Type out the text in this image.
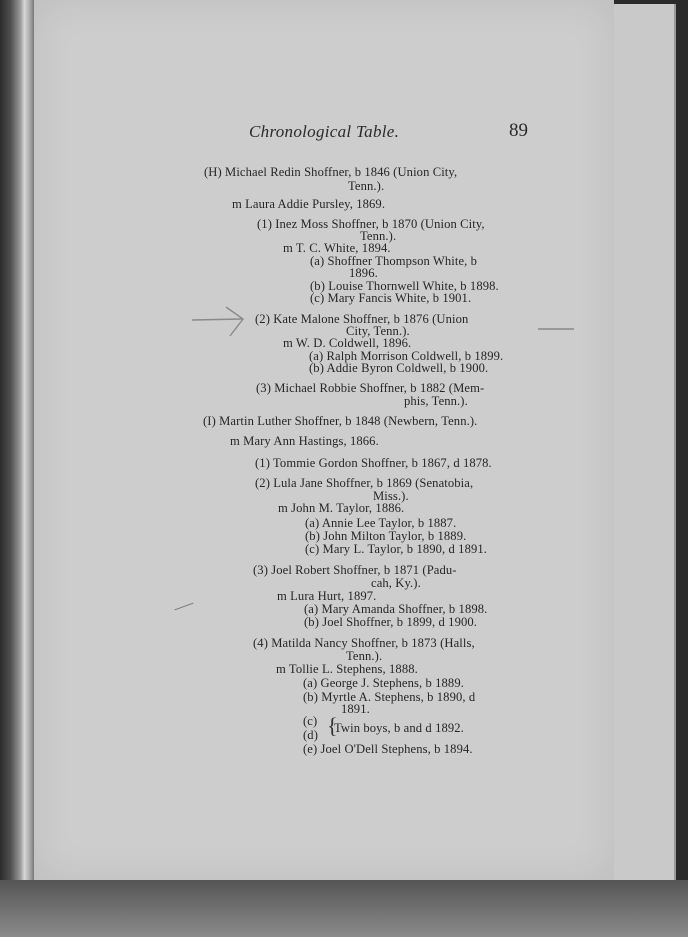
Chronological Table.	89
(H) Michael Redin Shoffner, b 1846 (Union City,
Tenn.).
m Laura Addie Pursley, 1869.
(1) Inez Moss Shoffner, b 1870 (Union City,
Tenn.).
m T. C. White, 1894.
(a) Shoffner Thompson White, b
1896.
(b) Louise Thornwell White, b 1898.
(c) Mary Fancis White, b 1901.
(2) Kate Malone Shoffner, b 1876 (Union
City, Tenn.).
m W. D. Coldwell, 1896.
(a) Ralph Morrison Coldwell, b 1899.
(b) Addie Byron Coldwell, b 1900.
(3) Michael Robbie Shoffner, b 1882 (Mem-
phis, Tenn.).
(I) Martin Luther Shoffner, b 1848 (Newbern, Tenn.).
m Mary Ann Hastings, 1866.
(1) Tommie Gordon Shoffner, b 1867, d 1878.
(2) Lula Jane Shoffner, b 1869 (Senatobia,
Miss.).
m John M. Taylor, 1886.
(a) Annie Lee Taylor, b 1887.
(b) John Milton Taylor, b 1889.
(c) Mary L. Taylor, b 1890, d 1891.
(3) Joel Robert Shoffner, b 1871 (Padu-
cah, Ky.).
m Lura Hurt, 1897.
(a) Mary Amanda Shoffner, b 1898.
(b) Joel Shoffner, b 1899, d 1900.
(4) Matilda Nancy Shoffner, b 1873 (Halls,
Tenn.).
m Tollie L. Stephens, 1888.
(a) George J. Stephens, b 1889.
(b) Myrtle A. Stephens, b 1890, d
1891.
(c)
(d) {
Twin boys, b and d 1892.
(e) Joel O'Dell Stephens, b 1894.
